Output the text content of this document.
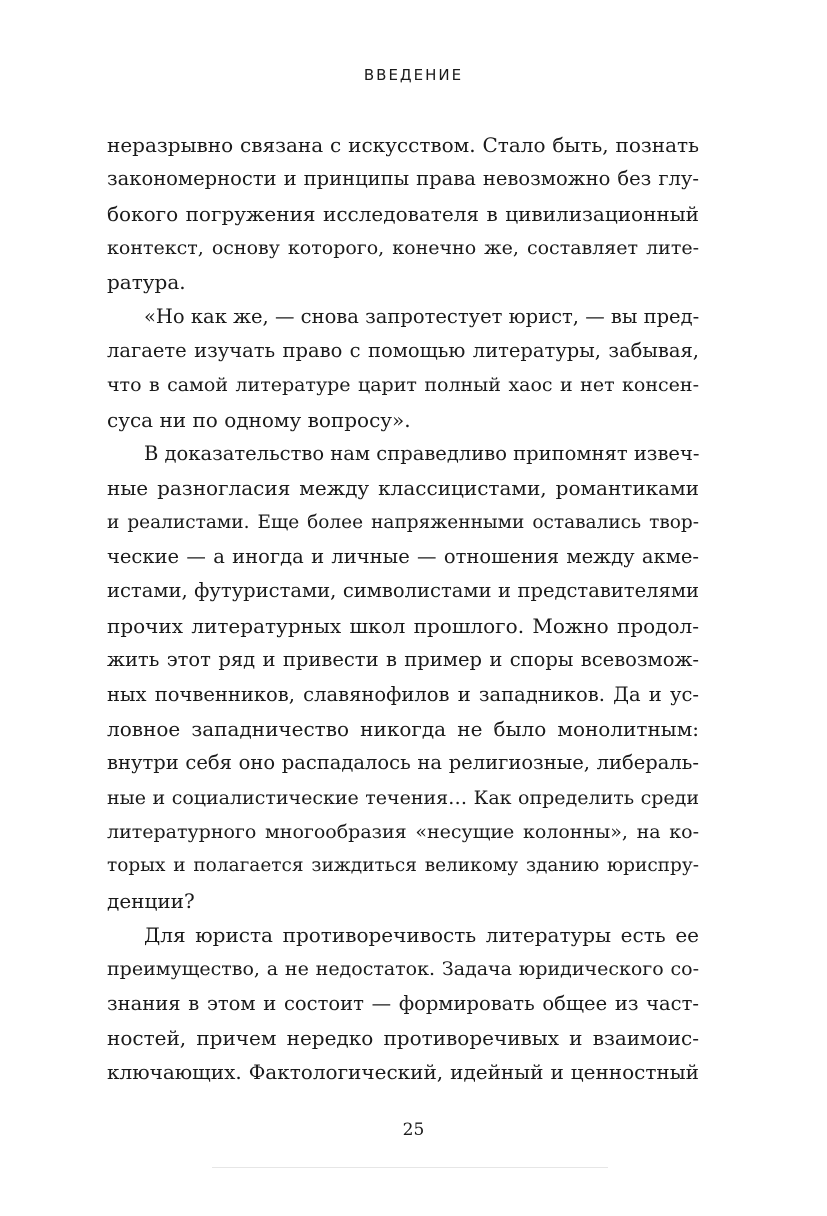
ВВЕДЕНИЕ
неразрывно связана с искусством. Стало быть, познать
закономерности и принципы права невозможно без глу-
бокого погружения исследователя в цивилизационный
контекст, основу которого, конечно же, составляет лите-
ратура.
«Но как же, — снова запротестует юрист, — вы пред-
лагаете изучать право с помощью литературы, забывая,
что в самой литературе царит полный хаос и нет консен-
суса ни по одному вопросу».
В доказательство нам справедливо припомнят извеч-
ные разногласия между классицистами, романтиками
и реалистами. Еще более напряженными оставались твор-
ческие — а иногда и личные — отношения между акме-
истами, футуристами, символистами и представителями
прочих литературных школ прошлого. Можно продол-
жить этот ряд и привести в пример и споры всевозмож-
ных почвенников, славянофилов и западников. Да и ус-
ловное западничество никогда не было монолитным:
внутри себя оно распадалось на религиозные, либераль-
ные и социалистические течения… Как определить среди
литературного многообразия «несущие колонны», на ко-
торых и полагается зиждиться великому зданию юриспру-
денции?
Для юриста противоречивость литературы есть ее
преимущество, а не недостаток. Задача юридического со-
знания в этом и состоит — формировать общее из част-
ностей, причем нередко противоречивых и взаимоис-
ключающих. Фактологический, идейный и ценностный
25
